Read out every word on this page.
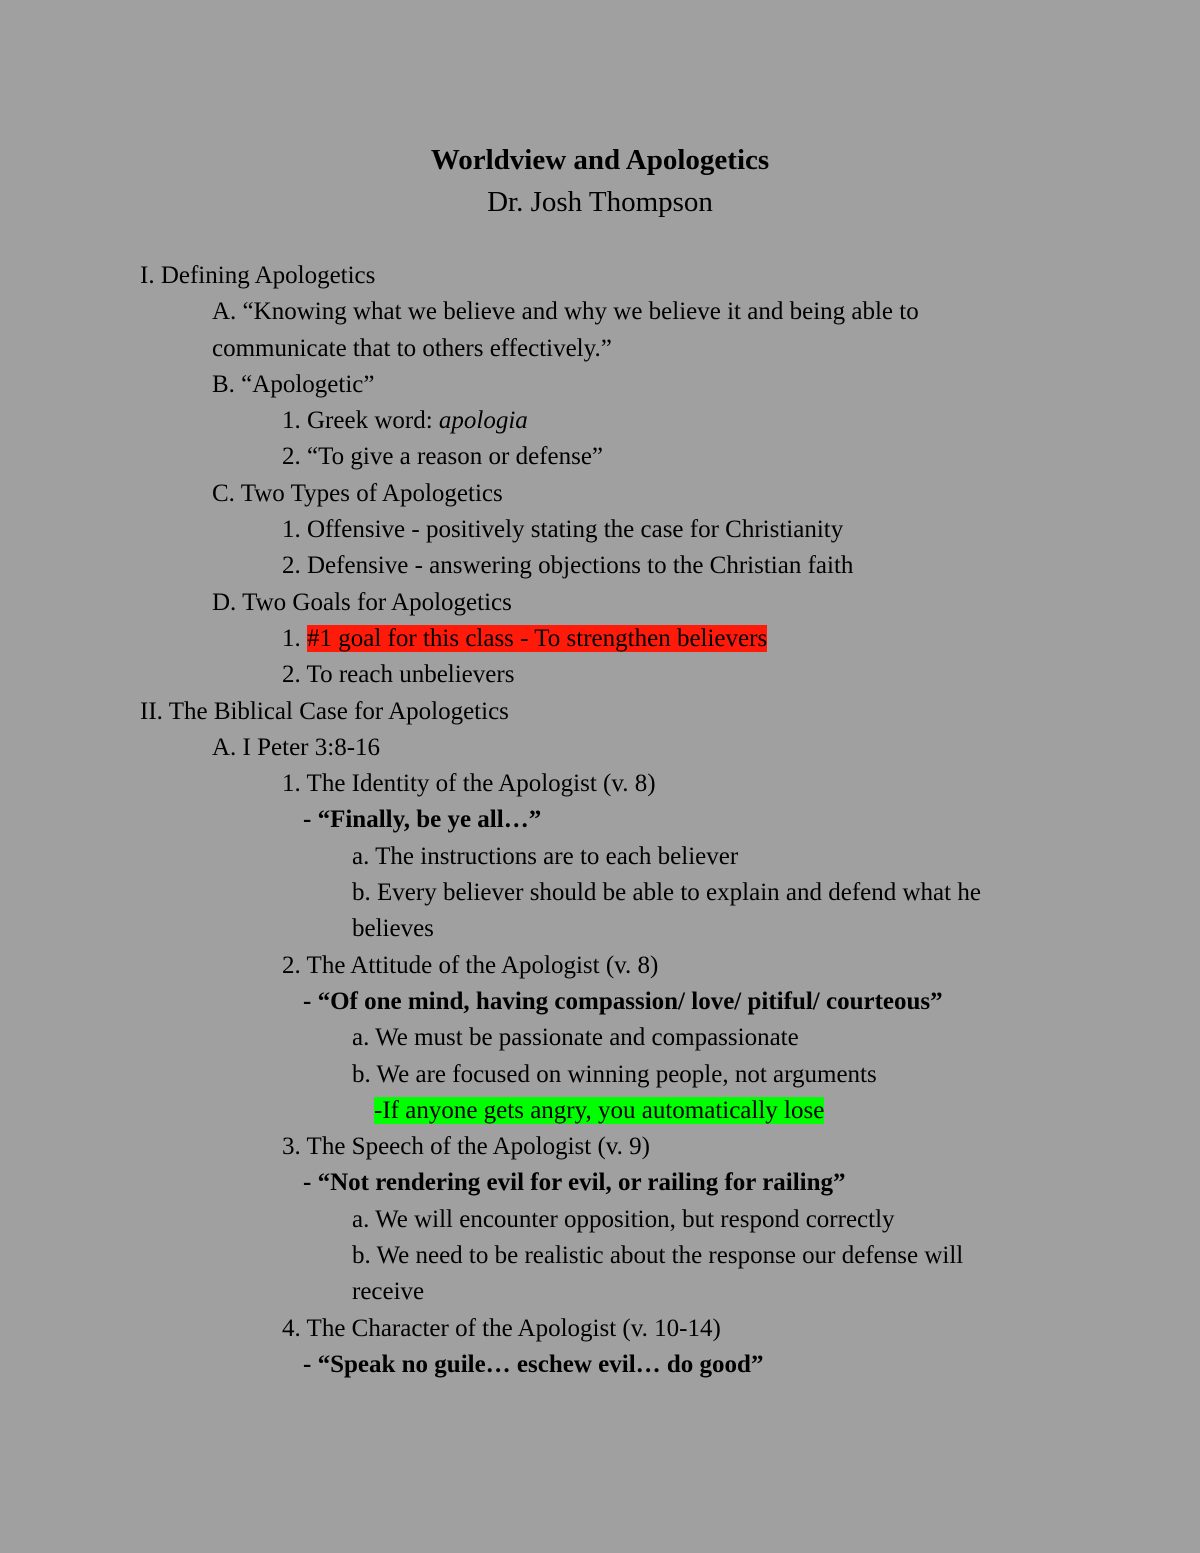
Worldview and Apologetics
Dr. Josh Thompson
I. Defining Apologetics
A. “Knowing what we believe and why we believe it and being able to
communicate that to others effectively.”
B. “Apologetic”
1. Greek word: apologia
2. “To give a reason or defense”
C. Two Types of Apologetics
1. Offensive - positively stating the case for Christianity
2. Defensive - answering objections to the Christian faith
D. Two Goals for Apologetics
1. #1 goal for this class - To strengthen believers
2. To reach unbelievers
II. The Biblical Case for Apologetics
A. I Peter 3:8-16
1. The Identity of the Apologist (v. 8)
- “Finally, be ye all…”
a. The instructions are to each believer
b. Every believer should be able to explain and defend what he
believes
2. The Attitude of the Apologist (v. 8)
- “Of one mind, having compassion/ love/ pitiful/ courteous”
a. We must be passionate and compassionate
b. We are focused on winning people, not arguments
-If anyone gets angry, you automatically lose
3. The Speech of the Apologist (v. 9)
- “Not rendering evil for evil, or railing for railing”
a. We will encounter opposition, but respond correctly
b. We need to be realistic about the response our defense will
receive
4. The Character of the Apologist (v. 10-14)
- “Speak no guile… eschew evil… do good”
